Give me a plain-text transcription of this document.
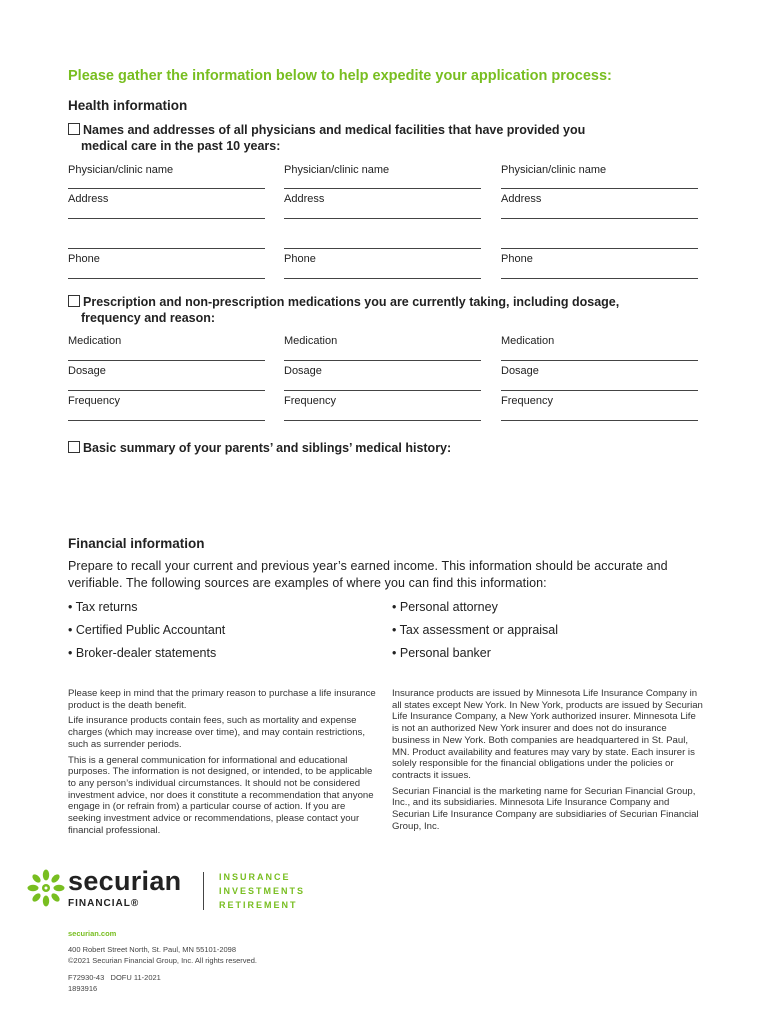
Please gather the information below to help expedite your application process:
Health information
Names and addresses of all physicians and medical facilities that have provided you
medical care in the past 10 years:
Physician/clinic name
Address
Phone
Physician/clinic name
Address
Phone
Physician/clinic name
Address
Phone
Prescription and non-prescription medications you are currently taking, including dosage,
frequency and reason:
Medication
Dosage
Frequency
Medication
Dosage
Frequency
Medication
Dosage
Frequency
Basic summary of your parents’ and siblings’ medical history:
Financial information
Prepare to recall your current and previous year’s earned income. This information should be accurate and
verifiable. The following sources are examples of where you can find this information:
• Tax returns
• Certified Public Accountant
• Broker-dealer statements
• Personal attorney
• Tax assessment or appraisal
• Personal banker

Please keep in mind that the primary reason to purchase a life insurance product is the death benefit.

Life insurance products contain fees, such as mortality and expense charges (which may increase over time), and may contain restrictions, such as surrender periods.

This is a general communication for informational and educational purposes. The information is not designed, or intended, to be applicable to any person’s individual circumstances. It should not be considered investment advice, nor does it constitute a recommendation that anyone engage in (or refrain from) a particular course of action. If you are seeking investment advice or recommendations, please contact your financial professional.

Insurance products are issued by Minnesota Life Insurance Company in all states except New York. In New York, products are issued by Securian Life Insurance Company, a New York authorized insurer. Minnesota Life is not an authorized New York insurer and does not do insurance business in New York. Both companies are headquartered in St. Paul, MN. Product availability and features may vary by state. Each insurer is solely responsible for the financial obligations under the policies or contracts it issues.

Securian Financial is the marketing name for Securian Financial Group, Inc., and its subsidiaries. Minnesota Life Insurance Company and Securian Life Insurance Company are subsidiaries of Securian Financial Group, Inc.

securian
FINANCIAL®
INSURANCE
INVESTMENTS
RETIREMENT
securian.com
400 Robert Street North, St. Paul, MN 55101-2098
©2021 Securian Financial Group, Inc. All rights reserved.
F72930-43   DOFU 11-2021
1893916
